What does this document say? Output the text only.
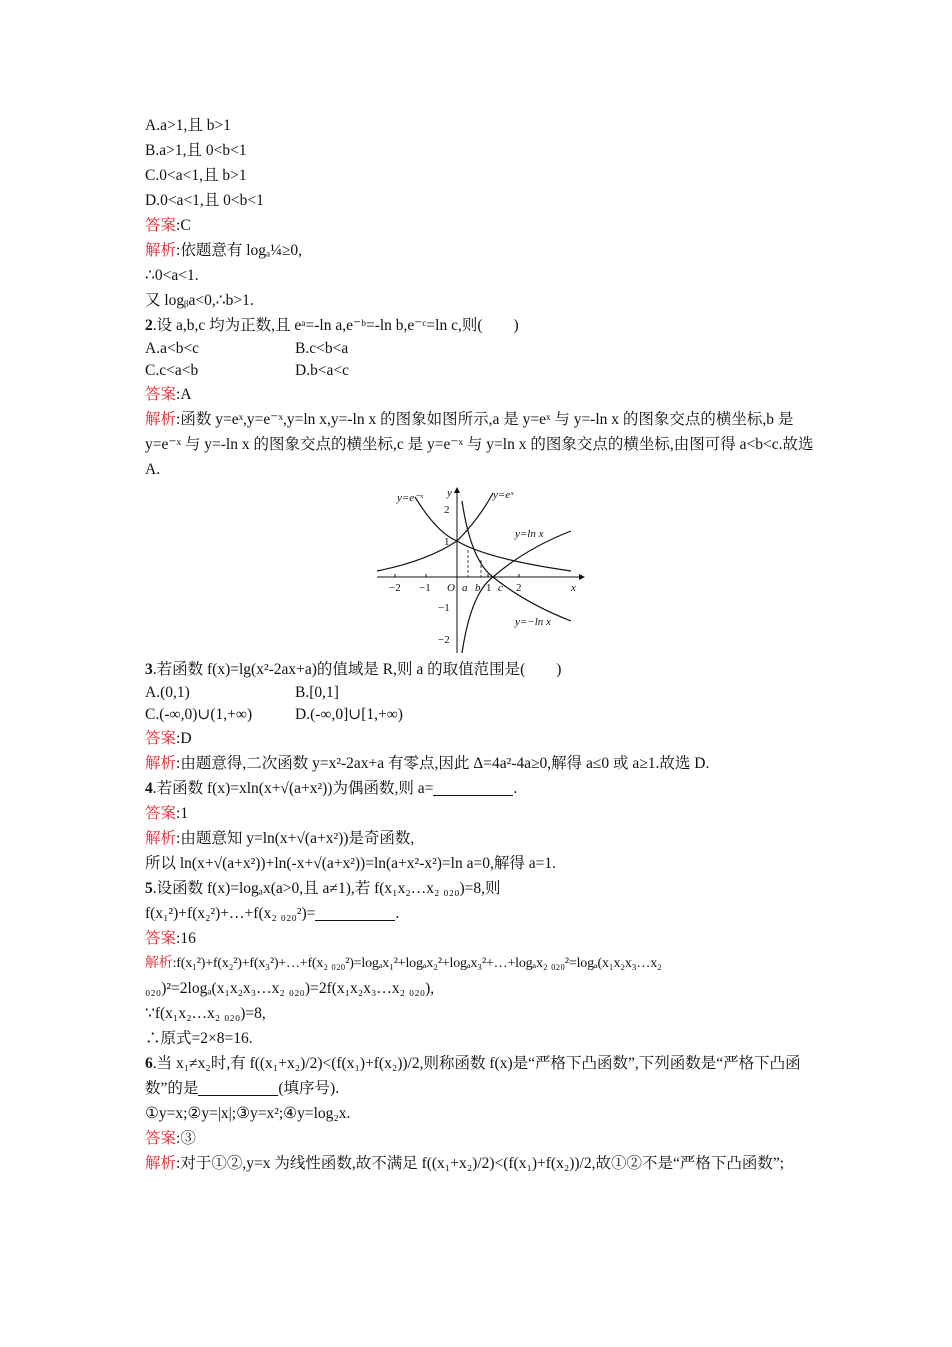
A.a>1,且 b>1
B.a>1,且 0<b<1
C.0<a<1,且 b>1
D.0<a<1,且 0<b<1
答案:C
解析:依题意有 logₐ¼≥0,
∴0<a<1.
又 logᵦa<0,∴b>1.
2.设 a,b,c 均为正数,且 eᵃ=-ln a,e⁻ᵇ=-ln b,e⁻ᶜ=ln c,则(　　)
A.a<b<c	B.c<b<a
C.c<a<b	D.b<a<c
答案:A
解析:函数 y=eˣ,y=e⁻ˣ,y=ln x,y=-ln x 的图象如图所示,a 是 y=eˣ 与 y=-ln x 的图象交点的横坐标,b 是 y=e⁻ˣ 与 y=-ln x 的图象交点的横坐标,c 是 y=e⁻ˣ 与 y=ln x 的图象交点的横坐标,由图可得 a<b<c.故选 A.
−2 −1	1 2
O a b c
2
1
−1
−2
y
x
y=e⁻ˣ	y=eˣ
y=ln x
y=−ln x
3.若函数 f(x)=lg(x²-2ax+a)的值域是 R,则 a 的取值范围是(　　)
A.(0,1)	B.[0,1]
C.(-∞,0)∪(1,+∞)	D.(-∞,0]∪[1,+∞)
答案:D
解析:由题意得,二次函数 y=x²-2ax+a 有零点,因此 Δ=4a²-4a≥0,解得 a≤0 或 a≥1.故选 D.
4.若函数 f(x)=xln(x+√(a+x²))为偶函数,则 a=	.
答案:1
解析:由题意知 y=ln(x+√(a+x²))是奇函数,
所以 ln(x+√(a+x²))+ln(-x+√(a+x²))=ln(a+x²-x²)=ln a=0,解得 a=1.
5.设函数 f(x)=logₐx(a>0,且 a≠1),若 f(x₁x₂…x₂ ₀₂₀)=8,则
f(x₁²)+f(x₂²)+…+f(x₂ ₀₂₀²)=	.
答案:16
解析:f(x₁²)+f(x₂²)+f(x₃²)+…+f(x₂ ₀₂₀²)=logₐx₁²+logₐx₂²+logₐx₃²+…+logₐx₂ ₀₂₀²=logₐ(x₁x₂x₃…x₂
₀₂₀)²=2logₐ(x₁x₂x₃…x₂ ₀₂₀)=2f(x₁x₂x₃…x₂ ₀₂₀),
∵f(x₁x₂…x₂ ₀₂₀)=8,
∴原式=2×8=16.
6.当 x₁≠x₂时,有 f((x₁+x₂)/2)<(f(x₁)+f(x₂))/2,则称函数 f(x)是“严格下凸函数”,下列函数是“严格下凸函数”的是	(填序号).
①y=x;②y=|x|;③y=x²;④y=log₂x.
答案:③
解析:对于①②,y=x 为线性函数,故不满足 f((x₁+x₂)/2)<(f(x₁)+f(x₂))/2,故①②不是“严格下凸函数”;
